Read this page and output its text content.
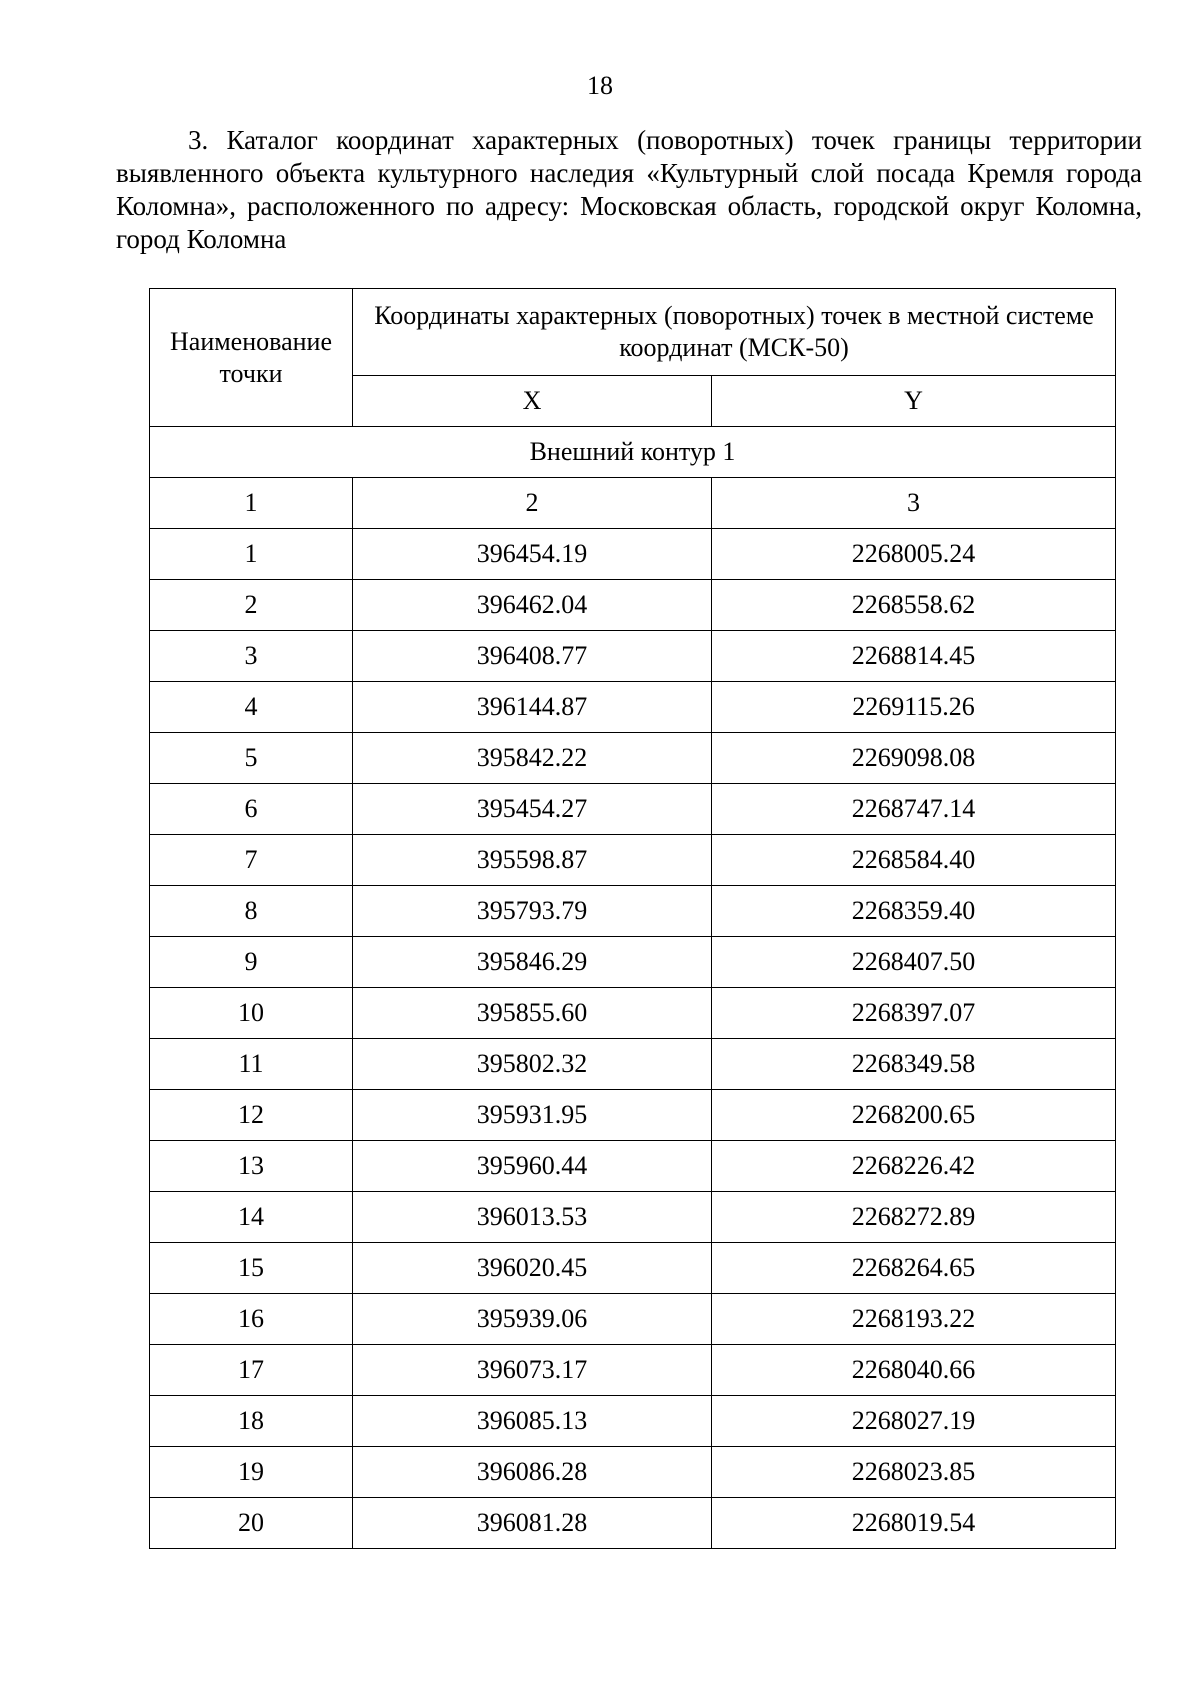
18

3. Каталог координат характерных (поворотных) точек границы территории выявленного объекта культурного наследия «Культурный слой посада Кремля города Коломна», расположенного по адресу: Московская область, городской округ Коломна, город Коломна

Наименование точки	Координаты характерных (поворотных) точек в местной системе координат (МСК-50)	

	X	Y
Внешний контур 1		
1	2	3
1	396454.19	2268005.24
2	396462.04	2268558.62
3	396408.77	2268814.45
4	396144.87	2269115.26
5	395842.22	2269098.08
6	395454.27	2268747.14
7	395598.87	2268584.40
8	395793.79	2268359.40
9	395846.29	2268407.50
10	395855.60	2268397.07
11	395802.32	2268349.58
12	395931.95	2268200.65
13	395960.44	2268226.42
14	396013.53	2268272.89
15	396020.45	2268264.65
16	395939.06	2268193.22
17	396073.17	2268040.66
18	396085.13	2268027.19
19	396086.28	2268023.85
20	396081.28	2268019.54
